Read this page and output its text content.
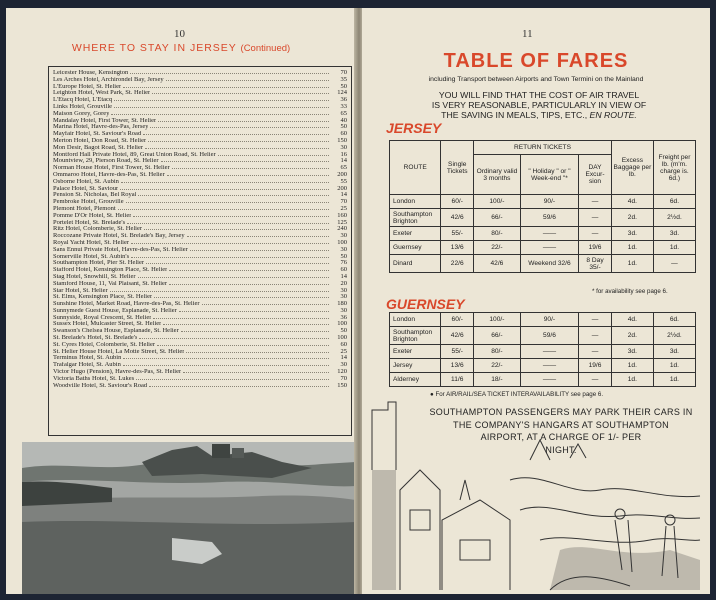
10
WHERE TO STAY IN JERSEY (Continued)
Leicester House, Kensington	70
Les Arches Hotel, Archirondel Bay, Jersey	35
L'Europe Hotel, St. Helier	50
Leighton Hotel, West Park, St. Helier	124
L'Etacq Hotel, L'Etacq	36
Links Hotel, Grouville	33
Maison Gorey, Gorey	65
Mandalay Hotel, First Tower, St. Helier	40
Marina Hotel, Havre-des-Pas, Jersey	50
Mayfair Hotel, St. Saviour's Road	60
Merton Hotel, Don Road, St. Helier	150
Mon Desir, Bagot Road, St. Helier	30
Montford Hall Private Hotel, 89, Great Union Road, St. Helier	16
Mountview, 29, Pierson Road, St. Helier	14
Norman House Hotel, First Tower, St. Helier	65
Ommaroo Hotel, Havre-des-Pas, St. Helier	200
Osborne Hotel, St. Aubin	55
Palace Hotel, St. Saviour	200
Pension St. Nicholas, Bel Royal	14
Pembroke Hotel, Grouville	70
Plemont Hotel, Plemont	25
Pomme D'Or Hotel, St. Helier	160
Portelet Hotel, St. Brelade's	125
Ritz Hotel, Colomberie, St. Helier	240
Roccozane Private Hotel, St. Brelade's Bay, Jersey	30
Royal Yacht Hotel, St. Helier	100
Sans Ennui Private Hotel, Havre-des-Pas, St. Helier	30
Somerville Hotel, St. Aubin's	50
Southampton Hotel, Pier St. Helier	76
Stafford Hotel, Kensington Place, St. Helier	60
Stag Hotel, Snowhill, St. Helier	14
Stamford House, 11, Val Plaisant, St. Helier	20
Star Hotel, St. Helier	30
St. Elms, Kensington Place, St. Helier	30
Sunshine Hotel, Market Road, Havre-des-Pas, St. Helier	180
Sunnymede Guest House, Esplanade, St. Helier	30
Sunnyside, Royal Crescent, St. Helier	36
Sussex Hotel, Mulcaster Street, St. Helier	100
Swanson's Chelsea House, Esplanade, St. Helier	50
St. Brelade's Hotel, St. Brelade's	100
St. Cyres Hotel, Colomberie, St. Helier	60
St. Helier House Hotel, La Motte Street, St. Helier	25
Terminus Hotel, St. Aubin	14
Trafalgar Hotel, St. Aubin	30
Victor Hugo (Pension), Havre-des-Pas, St. Helier	120
Victoria Baths Hotel, St. Lukes	70
Woodville Hotel, St. Saviour's Road	150
11
TABLE OF FARES
including Transport between Airports and Town Termini on the Mainland
YOU WILL FIND THAT THE COST OF AIR TRAVEL
IS VERY REASONABLE, PARTICULARLY IN VIEW OF
THE SAVING IN MEALS, TIPS, ETC., EN ROUTE.
JERSEY
ROUTE	Single Tickets	RETURN TICKETS			Excess Baggage per lb.	Freight per lb. (m'm. charge is. 6d.)
		Ordinary valid 3 months	" Holiday " or " Week-end "*	DAY Excur-sion		
London	60/-	100/-	90/-	—	4d.	6d.
Southampton Brighton	42/6	66/-	59/6	—	2d.	2½d.
Exeter	55/-	80/-	——	—	3d.	3d.
Guernsey	13/6	22/-	——	19/6	1d.	1d.
Dinard	22/6	42/6	Weekend 32/6	8 Day 35/-	1d.	—
* for availability see page 6.
GUERNSEY
London	60/-	100/-	90/-	—	4d.	6d.
Southampton Brighton	42/6	66/-	59/6	—	2d.	2½d.
Exeter	55/-	80/-	——	—	3d.	3d.
Jersey	13/6	22/-	——	19/6	1d.	1d.
Alderney	11/6	18/-	——	—	1d.	1d.
● For AIR/RAIL/SEA TICKET INTERAVAILABILITY see page 6.
SOUTHAMPTON PASSENGERS MAY PARK THEIR CARS IN
THE COMPANY'S HANGARS AT SOUTHAMPTON
AIRPORT, AT A CHARGE OF 1/- PER
NIGHT.
